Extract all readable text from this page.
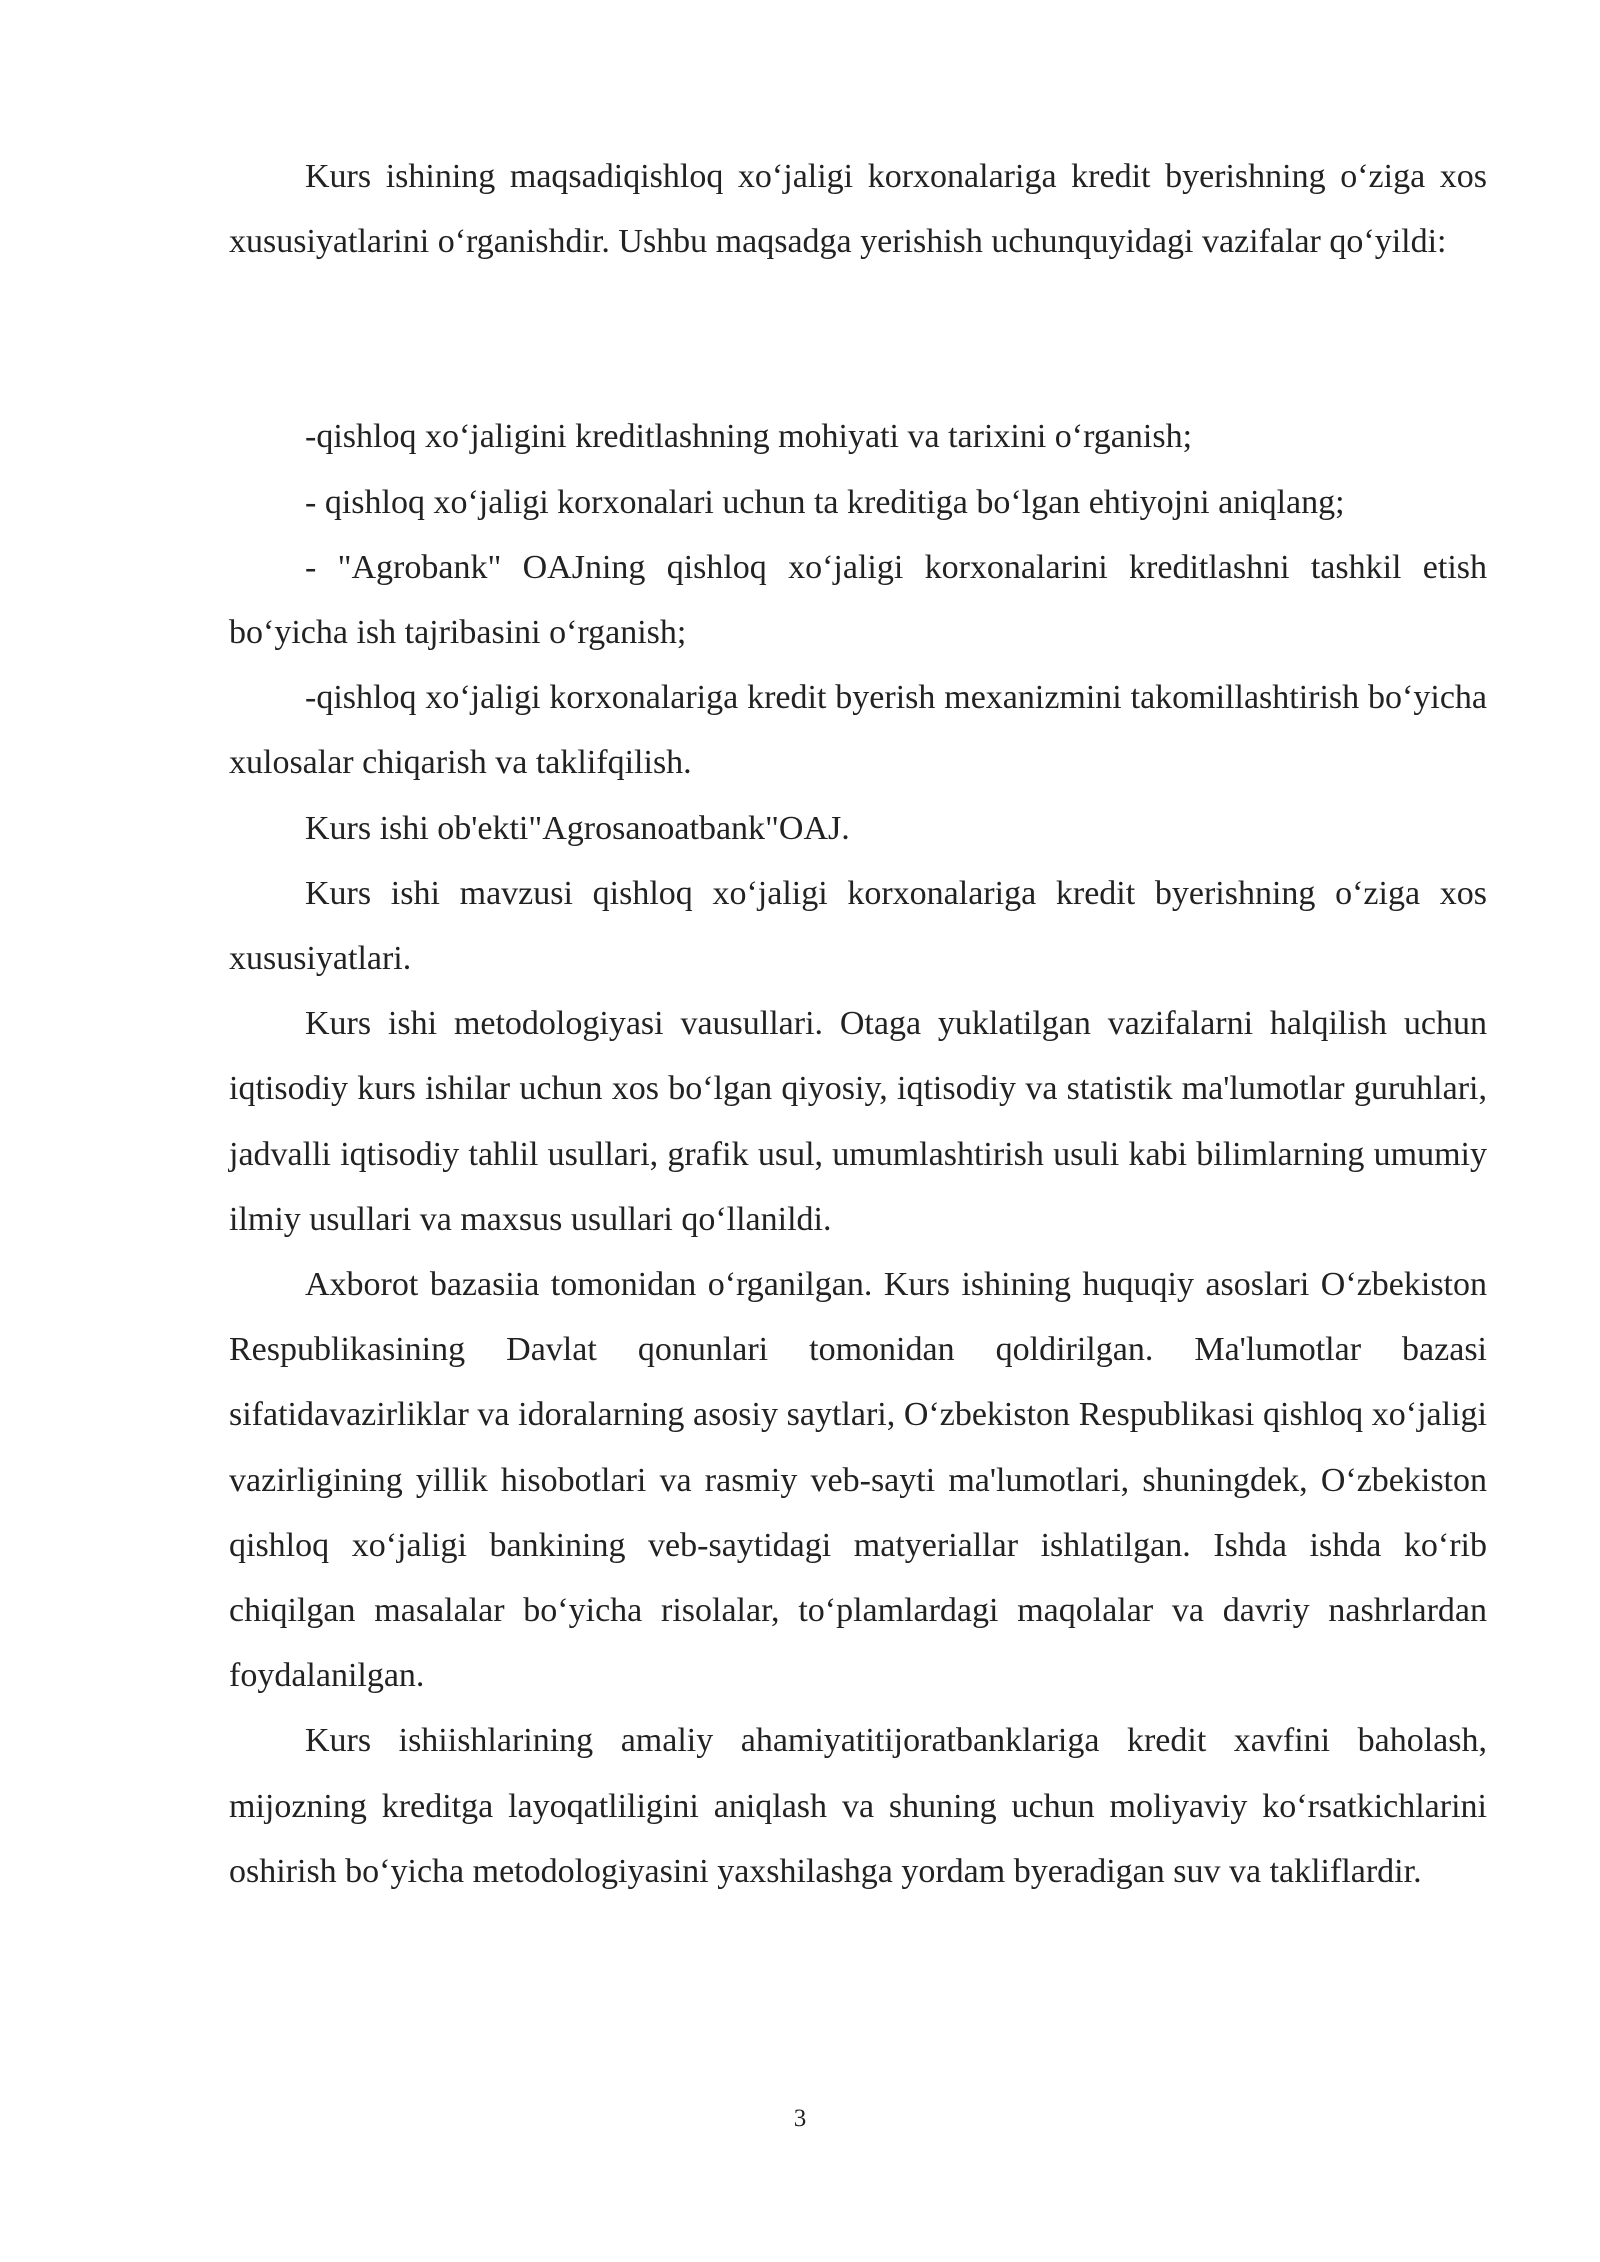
Kurs ishining maqsadiqishloq xo‘jaligi korxonalariga kredit byerishning o‘ziga xos xususiyatlarini o‘rganishdir. Ushbu maqsadga yerishish uchunquyidagi vazifalar qo‘yildi:

-qishloq xo‘jaligini kreditlashning mohiyati va tarixini o‘rganish;

- qishloq xo‘jaligi korxonalari uchun ta kreditiga bo‘lgan ehtiyojni aniqlang;

- "Agrobank" OAJning qishloq xo‘jaligi korxonalarini kreditlashni tashkil etish bo‘yicha ish tajribasini o‘rganish;

-qishloq xo‘jaligi korxonalariga kredit byerish mexanizmini takomillashtirish bo‘yicha xulosalar chiqarish va taklifqilish.

Kurs ishi ob'ekti"Agrosanoatbank"OAJ.

Kurs ishi mavzusi qishloq xo‘jaligi korxonalariga kredit byerishning o‘ziga xos xususiyatlari.

Kurs ishi metodologiyasi vausullari. Otaga yuklatilgan vazifalarni halqilish uchun iqtisodiy kurs ishilar uchun xos bo‘lgan qiyosiy, iqtisodiy va statistik ma'lumotlar guruhlari, jadvalli iqtisodiy tahlil usullari, grafik usul, umumlashtirish usuli kabi bilimlarning umumiy ilmiy usullari va maxsus usullari qo‘llanildi.

Axborot bazasiia tomonidan o‘rganilgan. Kurs ishining huquqiy asoslari O‘zbekiston Respublikasining Davlat qonunlari tomonidan qoldirilgan. Ma'lumotlar bazasi sifatidavazirliklar va idoralarning asosiy saytlari, O‘zbekiston Respublikasi qishloq xo‘jaligi vazirligining yillik hisobotlari va rasmiy veb-sayti ma'lumotlari, shuningdek, O‘zbekiston qishloq xo‘jaligi bankining veb-saytidagi matyeriallar ishlatilgan. Ishda ishda ko‘rib chiqilgan masalalar bo‘yicha risolalar, to‘plamlardagi maqolalar va davriy nashrlardan foydalanilgan.

Kurs ishiishlarining amaliy ahamiyatitijoratbanklariga kredit xavfini baholash, mijozning kreditga layoqatliligini aniqlash va shuning uchun moliyaviy ko‘rsatkichlarini oshirish bo‘yicha metodologiyasini yaxshilashga yordam byeradigan suv va takliflardir.

3
